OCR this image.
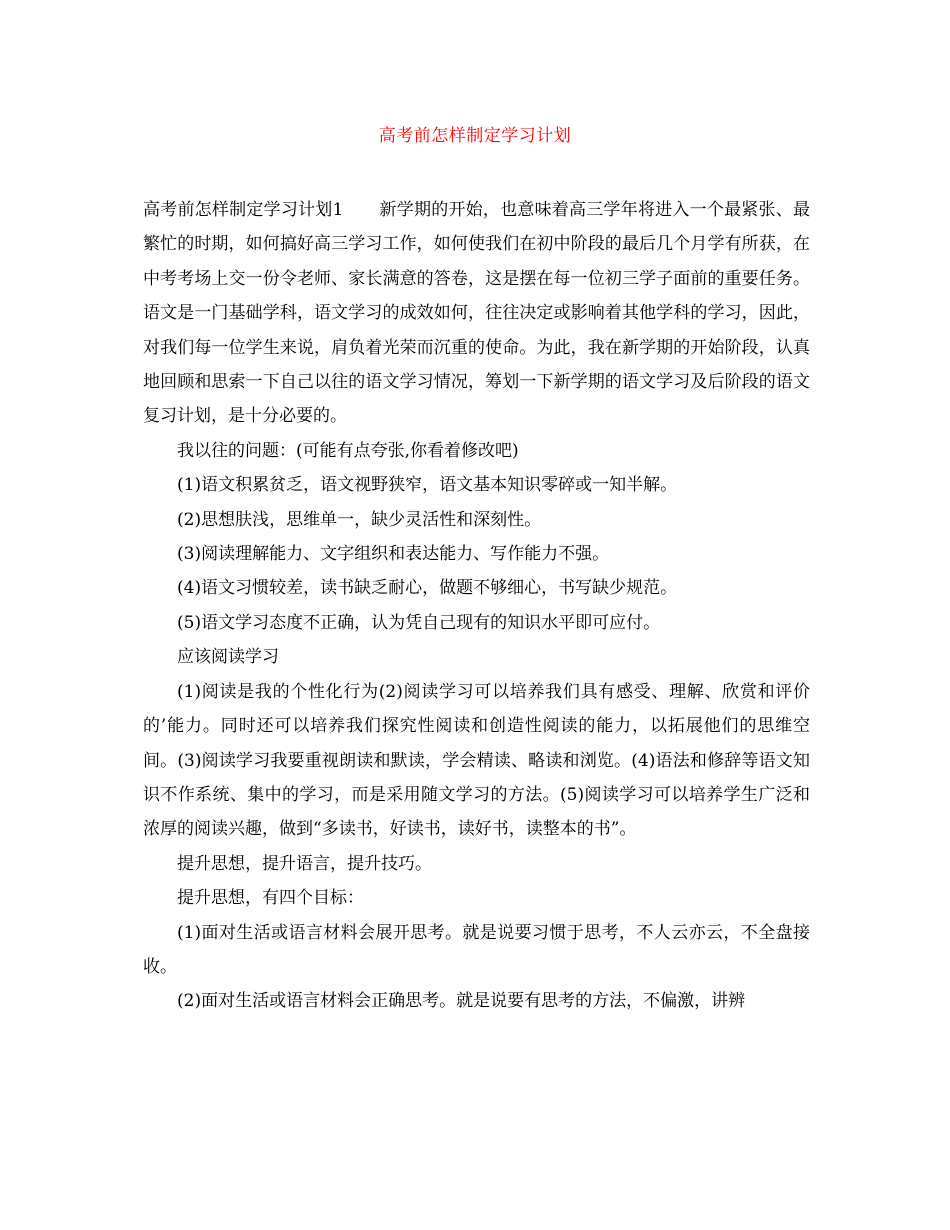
高考前怎样制定学习计划

高考前怎样制定学习计划1 新学期的开始，也意味着高三学年将进入一个最紧张、最繁忙的时期，如何搞好高三学习工作，如何使我们在初中阶段的最后几个月学有所获，在中考考场上交一份令老师、家长满意的答卷，这是摆在每一位初三学子面前的重要任务。语文是一门基础学科，语文学习的成效如何，往往决定或影响着其他学科的学习，因此，对我们每一位学生来说，肩负着光荣而沉重的使命。为此，我在新学期的开始阶段，认真地回顾和思索一下自己以往的语文学习情况，筹划一下新学期的语文学习及后阶段的语文复习计划，是十分必要的。

我以往的问题：(可能有点夸张,你看着修改吧)

(1)语文积累贫乏，语文视野狭窄，语文基本知识零碎或一知半解。

(2)思想肤浅，思维单一，缺少灵活性和深刻性。

(3)阅读理解能力、文字组织和表达能力、写作能力不强。

(4)语文习惯较差，读书缺乏耐心，做题不够细心，书写缺少规范。

(5)语文学习态度不正确，认为凭自己现有的知识水平即可应付。

应该阅读学习

(1)阅读是我的个性化行为(2)阅读学习可以培养我们具有感受、理解、欣赏和评价的’能力。同时还可以培养我们探究性阅读和创造性阅读的能力，以拓展他们的思维空间。(3)阅读学习我要重视朗读和默读，学会精读、略读和浏览。(4)语法和修辞等语文知识不作系统、集中的学习，而是采用随文学习的方法。(5)阅读学习可以培养学生广泛和浓厚的阅读兴趣，做到“多读书，好读书，读好书，读整本的书”。

提升思想，提升语言，提升技巧。

提升思想，有四个目标：

(1)面对生活或语言材料会展开思考。就是说要习惯于思考，不人云亦云，不全盘接收。

(2)面对生活或语言材料会正确思考。就是说要有思考的方法，不偏激，讲辨
